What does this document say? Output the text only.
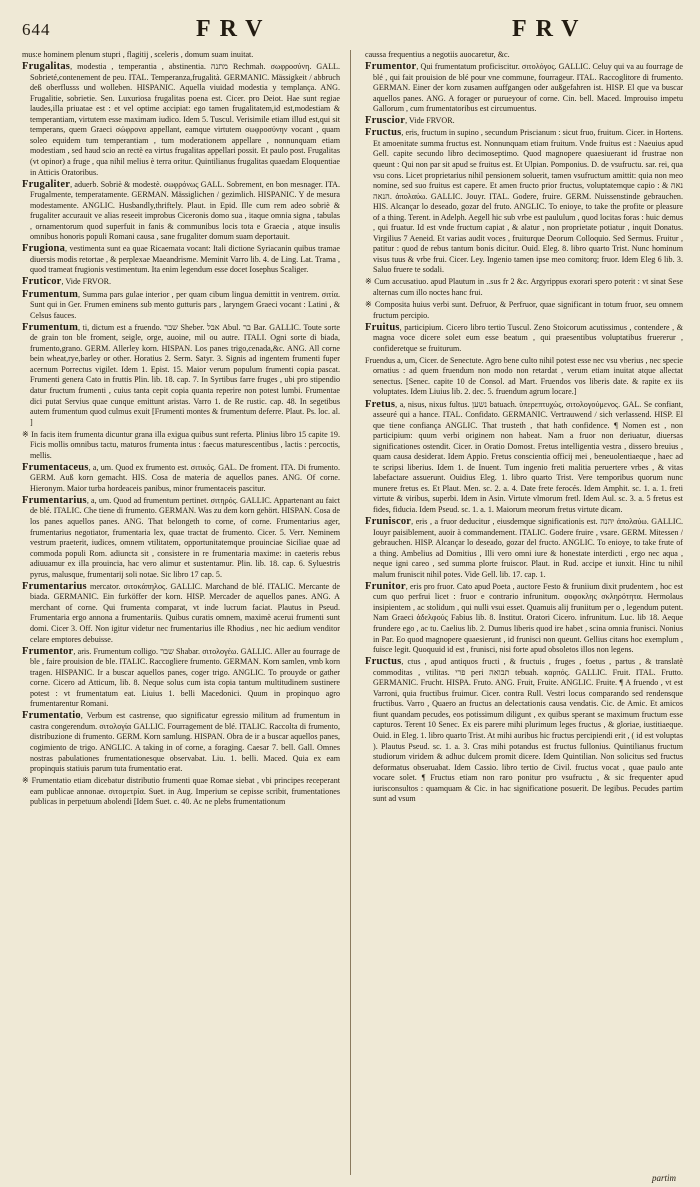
644	FRV	FRV

mus:e hominem plenum stupri , flagitij , sceleris , domum suam inuitat.

Frugalitas, modestia , temperantia , abstinentia. מתנה Rechmah. σωφροσύνη. GALL. Sobrieté,contenement de peu. ITAL. Temperanza,frugalità. GERMANIC. Mässigkeit / abbruch deß oberflusss und wolleben. HISPANIC. Aquella viuidad modestia y templança. ANG. Frugalitie, sobrietie. Sen. Luxuriosa frugalitas poena est. Cicer. pro Deiot. Hae sunt regiae laudes,illa priuatae est : et vel optime accipiat: ego tamen frugalitatem,id est,modestiam & temperantiam, virtutem esse maximam iudico. Idem 5. Tuscul. Verisimile etiam illud est,qui sit temperans, quem Graeci σώφρονα appellant, eamque virtutem σωφροσύνην vocant , quam soleo equidem tum temperantiam , tum moderationem appellare , nonnunquam etiam modestiam , sed haud scio an rectè ea virtus frugalitas appellari possit. Et paulo post. Frugalitas (vt opinor) a fruge , qua nihil melius è terra oritur. Quintilianus frugalitas quaedam Eloquentiae in Atticis Oratoribus.

Frugaliter, aduerb. Sobriè & modestè. σωφρόνως GALL. Sobrement, en bon mesnager. ITA. Frugalmente, temperatamente. GERMAN. Mässiglichen / gezimlich. HISPANIC. Y de mesura modestamente. ANGLIC. Husbandly,thriftely. Plaut. in Epid. Ille cum rem adeo sobriè & frugaliter accurauit ve alias reseeit improbus Ciceronis domo sua , itaque omnia signa , tabulas , ornamentorum quod superfuit in fanis & communibus locis tota e Graecia , atque insulis omnibus honoris populi Romani causa , sane frugaliter domum suam deportauit.

Frugiona, vestimenta sunt ea quae Ricaemata vocant: Itali dictione Syriacanin quibus tramae diuersis modis retortae , & perplexae Maeandrisme. Meminit Varro lib. 4. de Ling. Lat. Trama , quod trameat frugionis vestimentum. Ita enim legendum esse docet Iosephus Scaliger.

Fruticor, Vide FRVOR.

Frumentum, Summa pars gulae interior , per quam cibum lingua demittit in ventrem. σιτία. Sunt qui in Ger. Frumen eminens sub mento gutturis pars , laryngem Graeci vocant : Latini , & Celsus fauces.

Frumentum, ti, dictum est a fruendo. שבר Sheber. אבל Abul. בר Bar. GALLIC. Toute sorte de grain ton ble froment, seigle, orge, auoine, mil ou autre. ITALI. Ogni sorte di biada, frumento,grano. GERM. Allerley korn. HISPAN. Los panes trigo,cenada,&c. ANG. All corne bein wheat,rye,barley or other. Horatius 2. Serm. Satyr. 3. Signis ad ingentem frumenti fuper acernum Porrectus vigilet. Idem 1. Epist. 15. Maior verum populum frumenti copia pascat. Frumenti genera Cato in fruttis Plin. lib. 18. cap. 7. In Syrtibus farre fruges , ubi pro stipendio datur fructum frumenti , cuius tanta cepit copia quanta reperire non potest lumbi. Frumentae dici putat Servius quae cunque emittunt aristas. Varro 1. de Re rustic. cap. 48. In segetibus autem frumentum quod culmus exuit [Frumenti montes & frumentum deferre. Plaut. Ps. loc. al. ]

※ In facis item frumenta dicuntur grana illa exigua quibus sunt referta. Plinius libro 15 capite 19. Ficis mollis omnibus tactu, maturos frumenta intus : faecus maturescentibus , lactis : percoctis, mellis.

Frumentaceus, a, um. Quod ex frumento est. σιτικός. GAL. De froment. ITA. Di frumento. GERM. Auß korn gemacht. HIS. Cosa de materia de aquellos panes. ANG. Of corne. Hieronym. Maior turba hordeaceis panibus, minor frumentaceis pascitur.

Frumentarius, a, um. Quod ad frumentum pertinet. σιτηρός. GALLIC. Appartenant au faict de blé. ITALIC. Che tiene di frumento. GERMAN. Was zu dem korn gehört. HISPAN. Cosa de los panes aquellos panes. ANG. That belongeth to corne, of corne. Frumentarius ager, frumentarius negotiator, frumentaria lex, quae tractat de frumento. Cicer. 5. Verr. Neminem vestrum praeterit, iudices, omnem vtilitatem, opportunitatemque prouinciae Siciliae quae ad commoda populi Rom. adiuncta sit , consistere in re frumentaria maxime: in caeteris rebus adiuuamur ex illa prouincia, hac vero alimur et sustentamur. Plin. lib. 18. cap. 6. Syluestris pyrus, malusque, frumentarij soli notae. Sic libro 17 cap. 5.

Frumentarius mercator. σιτοκάπηλος. GALLIC. Marchand de blé. ITALIC. Mercante de biada. GERMANIC. Ein furköffer der korn. HISP. Mercader de aquellos panes. ANG. A merchant of corne. Qui frumenta comparat, vt inde lucrum faciat. Plautus in Pseud. Frumentaria ergo annona a frumentariis. Quibus curatis omnem, maximè acerui frumenti sunt domi. Cicer 3. Off. Non igitur videtur nec frumentarius ille Rhodius , nec hic aedium venditor celare emptores debuisse.

Frumentor, aris. Frumentum colligo. שבר Shabar. σιτολογέω. GALLIC. Aller au fourrage de ble , faire prouision de ble. ITALIC. Raccogliere frumento. GERMAN. Korn samlen, vmb korn tragen. HISPANIC. Ir a buscar aquellos panes, coger trigo. ANGLIC. To prouyde or gather corne. Cicero ad Atticum, lib. 8. Neque solus cum ista copia tantum multitudinem sustinere potest : vt frumentatum eat. Liuius 1. belli Macedonici. Quum in propinquo agro frumentarentur Romani.

Frumentatio, Verbum est castrense, quo significatur egressio militum ad frumentum in castra congerendum. σιτολογία GALLIC. Fourragement de blé. ITALIC. Raccolta di frumento, distribuzione di frumento. GERM. Korn samlung. HISPAN. Obra de ir a buscar aquellos panes, cogimiento de trigo. ANGLIC. A taking in of corne, a foraging. Caesar 7. bell. Gall. Omnes nostras pabulationes frumentationesque observabat. Liu. 1. belli. Maced. Quia ex eam propinquis statiuis parum tuta frumentatio erat.

※ Frumentatio etiam dicebatur distributio frumenti quae Romae siebat , vbi principes receperant eam publicae annonae. σιτομετρία. Suet. in Aug. Imperium se cepisse scribit, frumentationes publicas in perpetuum abolendi [Idem Suet. c. 40. Ac ne plebs frumentationum

caussa frequentius a negotiis auocaretur, &c.

Frumentor, Qui frumentatum proficiscitur. σιτολόγος. GALLIC. Celuy qui va au fourrage de blé , qui fait prouision de blé pour vne commune, fourrageur. ITAL. Raccoglitore di frumento. GERMAN. Einer der korn zusamen auffgangen oder außgefahren ist. HISP. El que va buscar aquellos panes. ANG. A forager or purueyour of corne. Cin. bell. Maced. Improuiso impetu Gallorum , cum frumentatoribus est circumuentus.

Fruscior, Vide FRVOR.

Fructus, eris, fructum in supino , secundum Priscianum : sicut fruo, fruitum. Cicer. in Hortens. Et amoenitate summa fructus est. Nonnunquam etiam fruitum. Vnde fruitus est : Naeuius apud Gell. capite secundo libro decimoseptimo. Quod magnopere quaesiuerant id frustrae non queunt : Qui non par sit apud se fruitus est. Et Ulpian. Pomponius. D. de vsufructu. sar. rei, qua vsu cons. Licet proprietarius nihil pensionem soluerit, tamen vsufructum amittit: quia non meo nomine, sed suo fruitus est capere. Et amen fructo prior fructus, voluptatemque capio : נאה & הנאה. ἀπολαύω. GALLIC. Jouyr. ITAL. Godere, fruire. GERM. Nuissenstinde gebrauchen. HIS. Alcançar lo deseado, gozar del fruto. ANGLIC. To enioye, to take the profite or pleasure of a thing. Terent. in Adelph. Aegell hic sub vrbe est paululum , quod locitas foras : huic demus , qui fruatur. Id est vnde fructum capiat , & alatur , non proprietate potiatur , inquit Donatus. Virgilius 7 Aeneid. Et varias audit voces , fruiturque Deorum Colloquio. Sed Sermus. Fruitur , patitur : quod de rebus tantum bonis dicitur. Ouid. Eleg. 8. libro quarto Trist. Nunc hominum visus tuus & vrbe frui. Cicer. Ley. Ingenio tamen ipse meo comitorq; fruor. Idem Eleg 6 lib. 3. Saluo fruere te sodali.

※ Cum accusatiuo. apud Plautum in ..sus fr 2 &c. Argyrippus exorari spero poterit : vt sinat Sese alternas cum illo noctes hanc frui.

※ Composita huius verbi sunt. Defruor, & Perfruor, quae significant in totum fruor, seu omnem fructum percipio.

Fruitus, participium. Cicero libro tertio Tuscul. Zeno Stoicorum acutissimus , contendere , & magna voce dicere solet eum esse beatum , qui praesentibus voluptatibus fruererur , confideretque se fruiturum.

Fruendus a, um, Cicer. de Senectute. Agro bene culto nihil potest esse nec vsu vberius , nec specie ornatius : ad quem fruendum non modo non retardat , verum etiam inuitat atque allectat senectus. [Senec. capite 10 de Consol. ad Mart. Fruendos vos liberis date. & rapite ex iis voluptates. Idem Liuius lib. 2. dec. 5. fruendum agrum locare.]

Fretus, a, nisus, nixus fultus. נשען batuach. ὑπερεπτυχώς, σιτολογούμενος. GAL. Se confiant, asseuré qui a hance. ITAL. Confidato. GERMANIC. Vertrauwend / sich verlassend. HISP. El que tiene confiança ANGLIC. That trusteth , that hath confidence. ¶ Nomen est , non participium: quum verbi originem non habeat. Nam a fruor non deriuatur, diuersas significationes ostendit. Cicer. in Oratio Domost. Fretus intelligentia vestra , dissero breuius , quam causa desiderat. Idem Appio. Fretus conscientia officij mei , beneuolentiaeque , haec ad te scripsi liberius. Idem 1. de Inuent. Tum ingenio freti malitia peruertere vrbes , & vitas labefactare assuerunt. Ouidius Eleg. 1. libro quarto Trist. Vere temporibus quorum nunc munere fretus es. Et Plaut. Men. sc. 2. a. 4. Date frete ferocés. Idem Amphit. sc. 1. a. 1. freti virtute & viribus, superbi. Idem in Asin. Virtute vlmorum fretl. Idem Aul. sc. 3. a. 5 fretus est fides, fiducia. Idem Pseud. sc. 1. a. 1. Maiorum meorum fretus virtute dicam.

Fruniscor, eris , a fruor deducitur , eiusdemque significationis est. יהנה ἀπολαύω. GALLIC. Iouyr paisiblement, auoir à commandement. ITALIC. Godere fruire , vsare. GERM. Mitessen / gebrauchen. HISP. Alcançar lo deseado, gozar del fructo. ANGLIC. To enioye, to take frute of a thing. Ambelius ad Domitius , Illi vero omni iure & honestate interdicti , ergo nec aqua , neque igni careo , sed summa plorte fruiscor. Plaut. in Rud. accipe et iunxit. Hinc tu nihil malum fruniscit nihil potes. Vide Gell. lib. 17. cap. 1.

Frunitor, eris pro fruor. Cato apud Poeta , auctore Festo & fruniium dixit prudentem , hoc est cum quo perfrui licet : fruor e contrario infrunitum. σοφοκλης σκληρότητα. Hermolaus insipientem , ac stolidum , qui nulli vsui esset. Quamuis alij fruniitum per o , legendum putent. Nam Graeci ἀδελφούς Fabius lib. 8. Institut. Oratori Cicero. infrunitum. Luc. lib 18. Aeque frundere ego , ac tu. Caelius lib. 2. Dumus liberis quod ire habet , scina omnia frunisci. Nonius in Par. Eo quod magnopere quaesierunt , id frunisci non queunt. Gellius citans hoc exemplum , fuisce legit. Quoquuid id est , frunisci, nisi forte apud obsoletos illos non legens.

Fructus, ctus , apud antiquos fructi , & fructuis , fruges , foetus , partus , & translatè commoditas , vtilitas. פרי peri תבואה tebuah. καρπός. GALLIC. Fruit. ITAL. Frutto. GERMANIC. Frucht. HISPA. Fruto. ANG. Fruit, Fruite. ANGLIC. Fruite. ¶ A fruendo , vt est Varroni, quia fructibus fruimur. Cicer. contra Rull. Vestri locus comparando sed rendensque fructibus. Varro , Quaero an fructus an delectationis causa vendatis. Cic. de Amic. Et amicos fiunt quandam pecudes, eos potissimum diligunt , ex quibus sperant se maximum fructum esse capturos. Terent 10 Senec. Ex eis parere mihi plurimum leges fructus , & gloriae, iustitiaeque. Ouid. in Eleg. 1. libro quarto Trist. At mihi auribus hic fructus percipiendi erit , ( id est voluptas ). Plautus Pseud. sc. 1. a. 3. Cras mihi potandus est fructus fullonius. Quintilianus fructum studiorum viridem & adhuc dulcem promit dicere. Idem Quintilian. Non solicitus sed fructus deformatus obseruabat. Idem Cassio. libro tertio de Civil. fructus vocat , quae paulo ante vocare solet. ¶ Fructus etiam non raro ponitur pro vsufructu , & sic frequenter apud iurisconsultos : quamquam & Cic. in hac significatione posuerit. De legibus. Pecudes partim sunt ad vsum

partim
